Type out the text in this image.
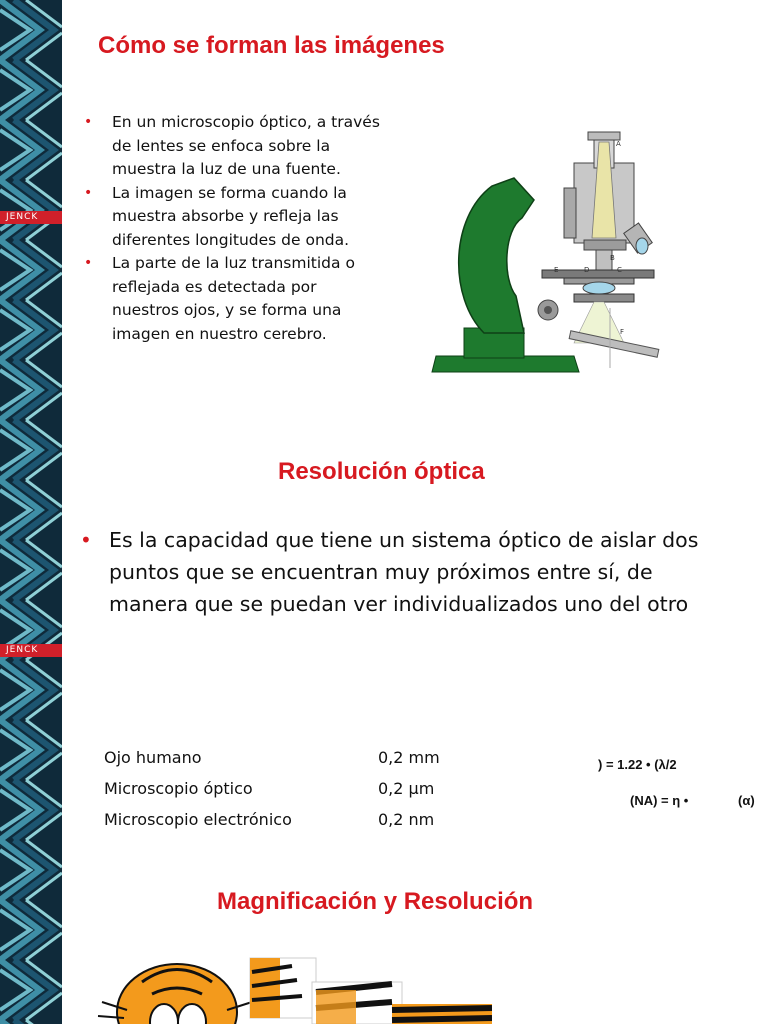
JENCK
JENCK
Cómo se forman las imágenes
• En un microscopio óptico, a través de lentes se enfoca sobre la muestra la luz de una fuente.
• La imagen se forma cuando la muestra absorbe y refleja las diferentes longitudes de onda.
• La parte de la luz transmitida o reflejada es detectada por nuestros ojos, y se forma una imagen en nuestro cerebro.
A
B
C
D
E
F
Resolución óptica
• Es la capacidad que tiene un sistema óptico de aislar dos puntos que se encuentran muy próximos entre sí, de manera que se puedan ver individualizados uno del otro
Ojo humano	0,2 mm
Microscopio óptico	0,2 µm
Microscopio electrónico	0,2 nm
) = 1.22 • (λ/2
(NA) = η •	(α)
Magnificación y Resolución
